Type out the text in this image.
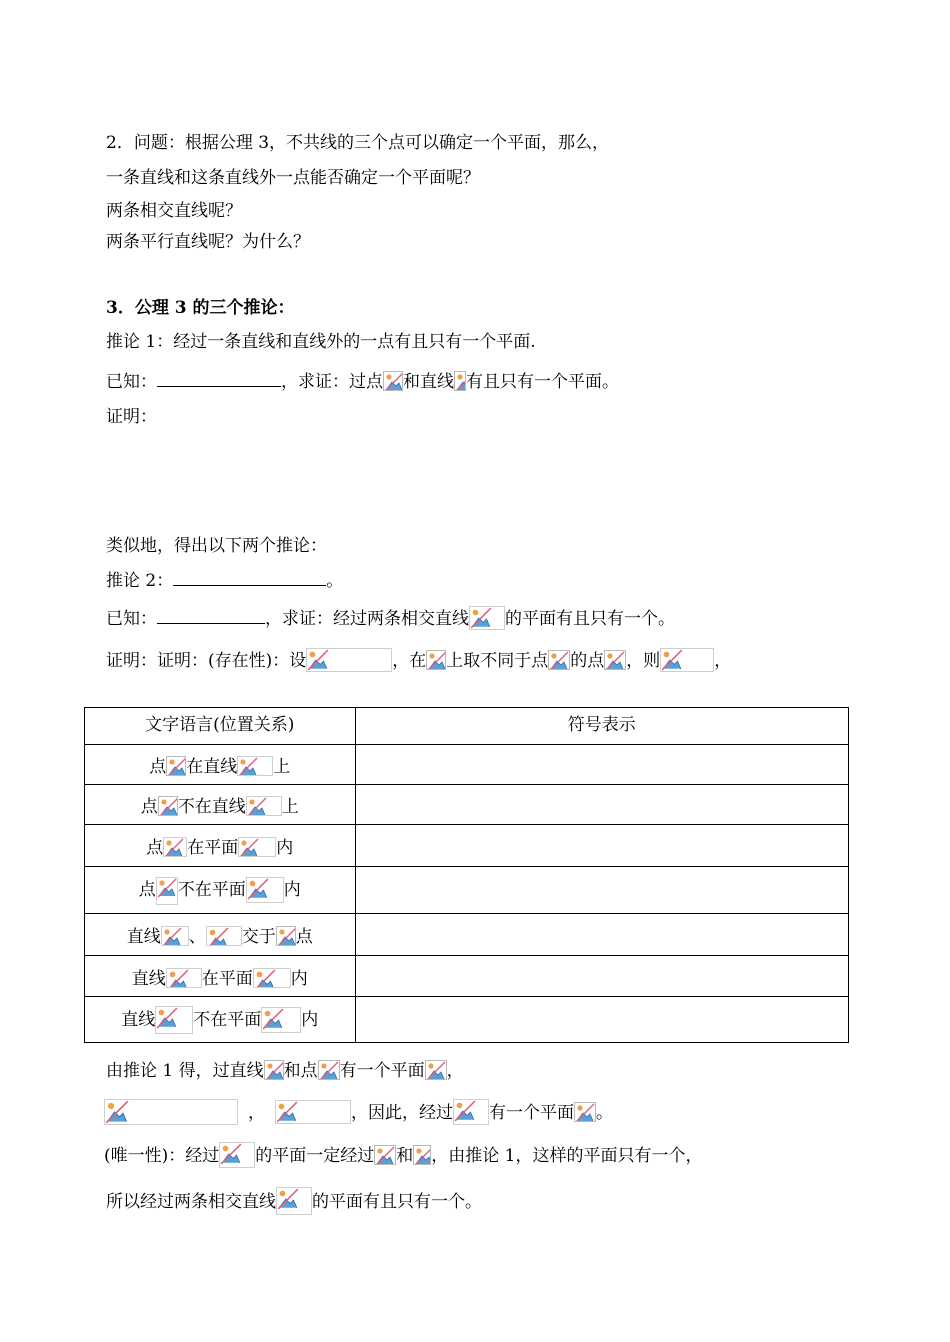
2．问题：根据公理 3，不共线的三个点可以确定一个平面，那么，
一条直线和这条直线外一点能否确定一个平面呢？
两条相交直线呢？
两条平行直线呢？为什么？
3．公理 3 的三个推论：
推论 1：经过一条直线和直线外的一点有且只有一个平面.
已知：	，求证：过点 和直线 有且只有一个平面。
证明：
类似地，得出以下两个推论：
推论 2：	。
已知：	，求证：经过两条相交直线 的平面有且只有一个。
证明：证明：(存在性)：设	，在 上取不同于点 的点 ，则	，
文字语言(位置关系)	符号表示
点 在直线 上	
点 不在直线 上	
点 在平面 内	
点 不在平面 内	
直线 、 交于 点	
直线 在平面 内	
直线 不在平面 内	
由推论 1 得，过直线 和点 有一个平面 ，
，	，因此，经过 有一个平面 。
(唯一性)：经过 的平面一定经过 和 ，由推论 1，这样的平面只有一个，
所以经过两条相交直线 的平面有且只有一个。
